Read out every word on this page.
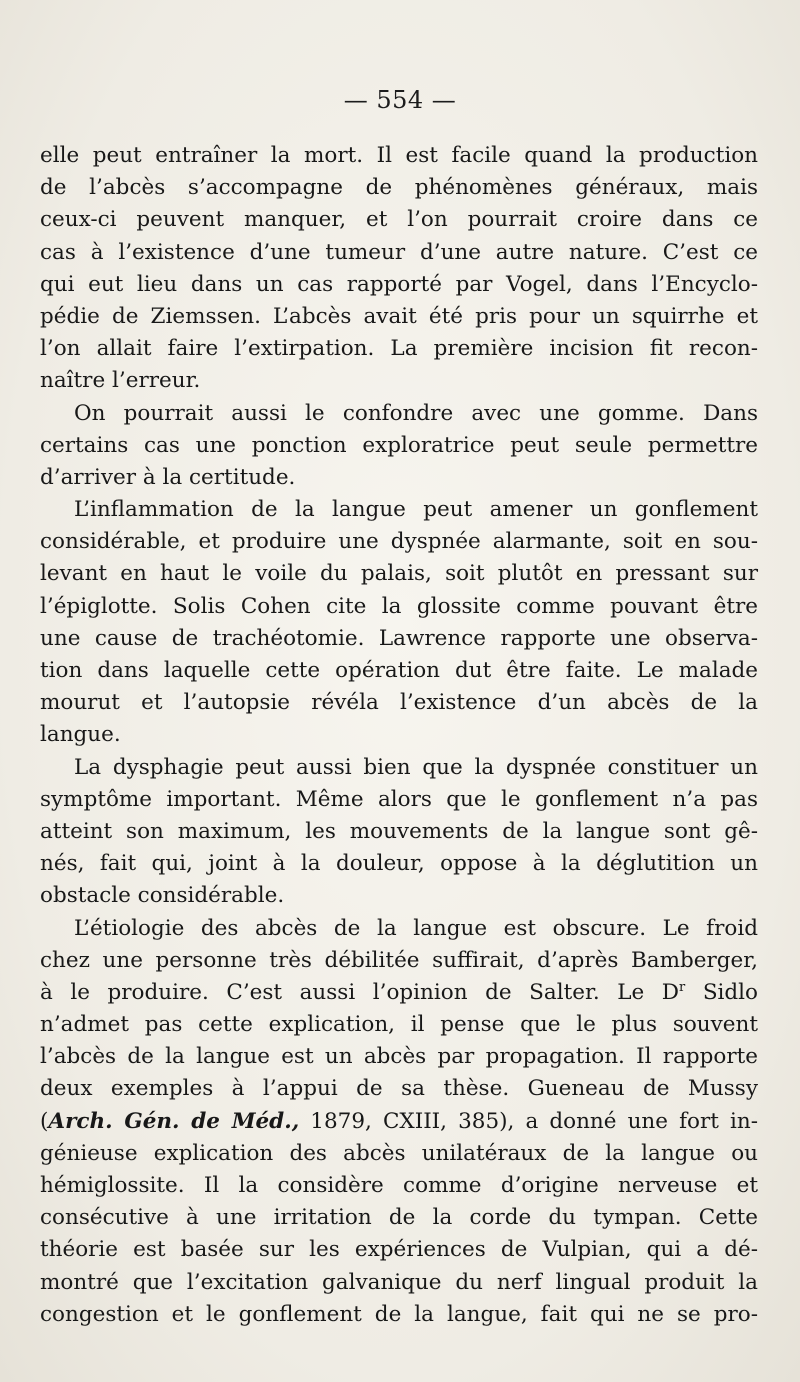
— 554 —
elle peut entraîner la mort. Il est facile quand la production
de l’abcès s’accompagne de phénomènes généraux, mais
ceux-ci peuvent manquer, et l’on pourrait croire dans ce
cas à l’existence d’une tumeur d’une autre nature. C’est ce
qui eut lieu dans un cas rapporté par Vogel, dans l’Encyclo-
pédie de Ziemssen. L’abcès avait été pris pour un squirrhe et
l’on allait faire l’extirpation. La première incision fit recon-
naître l’erreur.
On pourrait aussi le confondre avec une gomme. Dans
certains cas une ponction exploratrice peut seule permettre
d’arriver à la certitude.
L’inflammation de la langue peut amener un gonflement
considérable, et produire une dyspnée alarmante, soit en sou-
levant en haut le voile du palais, soit plutôt en pressant sur
l’épiglotte. Solis Cohen cite la glossite comme pouvant être
une cause de trachéotomie. Lawrence rapporte une observa-
tion dans laquelle cette opération dut être faite. Le malade
mourut et l’autopsie révéla l’existence d’un abcès de la
langue.
La dysphagie peut aussi bien que la dyspnée constituer un
symptôme important. Même alors que le gonflement n’a pas
atteint son maximum, les mouvements de la langue sont gê-
nés, fait qui, joint à la douleur, oppose à la déglutition un
obstacle considérable.
L’étiologie des abcès de la langue est obscure. Le froid
chez une personne très débilitée suffirait, d’après Bamberger,
à le produire. C’est aussi l’opinion de Salter. Le $D^r$ Sidlo
n’admet pas cette explication, il pense que le plus souvent
l’abcès de la langue est un abcès par propagation. Il rapporte
deux exemples à l’appui de sa thèse. Gueneau de Mussy
(Arch. Gén. de Méd., 1879, CXIII, 385), a donné une fort in-
génieuse explication des abcès unilatéraux de la langue ou
hémiglossite. Il la considère comme d’origine nerveuse et
consécutive à une irritation de la corde du tympan. Cette
théorie est basée sur les expériences de Vulpian, qui a dé-
montré que l’excitation galvanique du nerf lingual produit la
congestion et le gonflement de la langue, fait qui ne se pro-
